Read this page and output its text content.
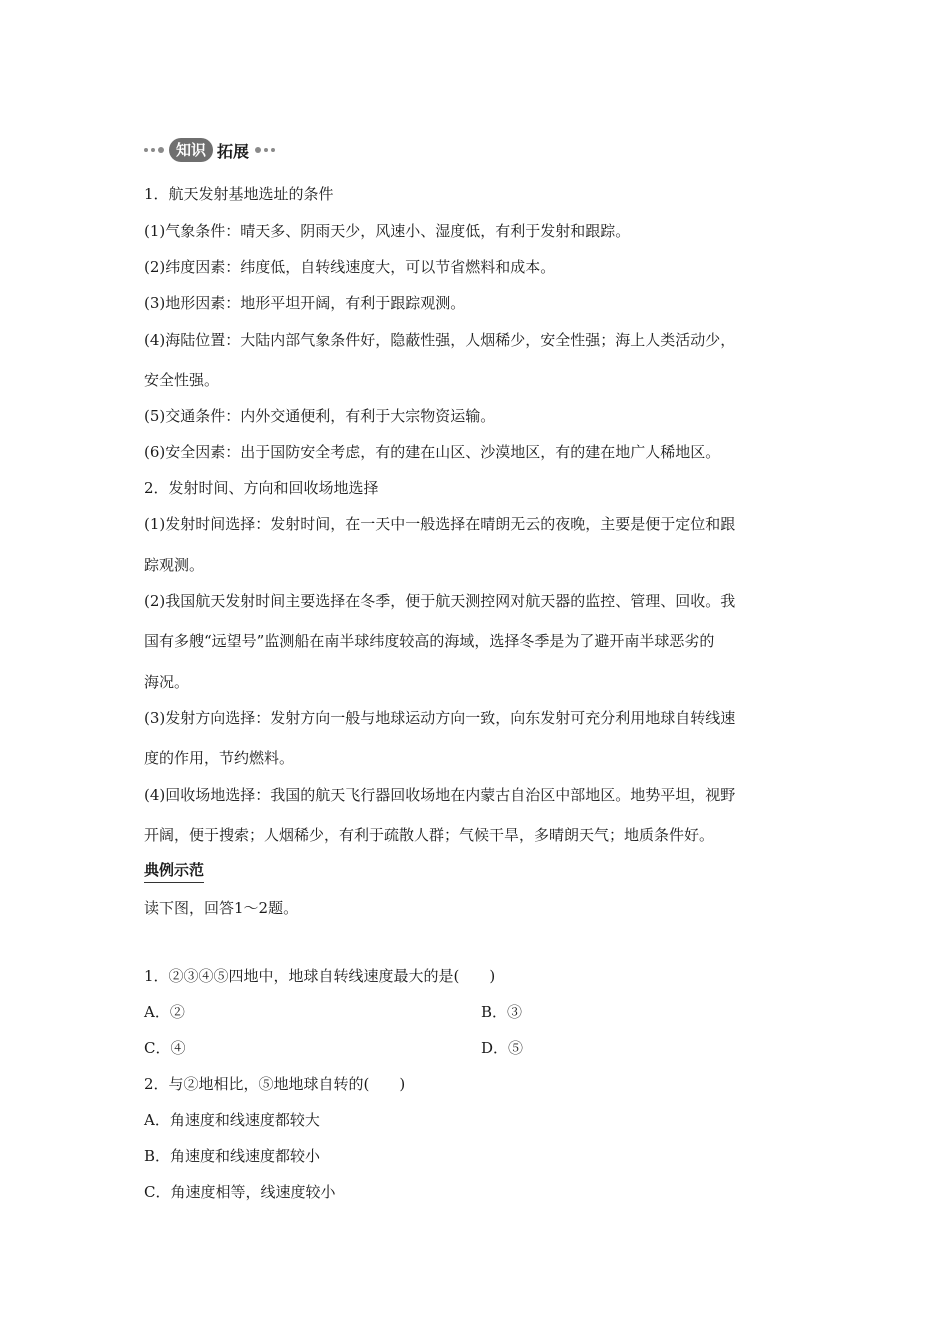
知识 拓展
1．航天发射基地选址的条件
(1)气象条件：晴天多、阴雨天少，风速小、湿度低，有利于发射和跟踪。
(2)纬度因素：纬度低，自转线速度大，可以节省燃料和成本。
(3)地形因素：地形平坦开阔，有利于跟踪观测。
(4)海陆位置：大陆内部气象条件好，隐蔽性强，人烟稀少，安全性强；海上人类活动少，
安全性强。
(5)交通条件：内外交通便利，有利于大宗物资运输。
(6)安全因素：出于国防安全考虑，有的建在山区、沙漠地区，有的建在地广人稀地区。
2．发射时间、方向和回收场地选择
(1)发射时间选择：发射时间，在一天中一般选择在晴朗无云的夜晚，主要是便于定位和跟
踪观测。
(2)我国航天发射时间主要选择在冬季，便于航天测控网对航天器的监控、管理、回收。我
国有多艘“远望号”监测船在南半球纬度较高的海域，选择冬季是为了避开南半球恶劣的
海况。
(3)发射方向选择：发射方向一般与地球运动方向一致，向东发射可充分利用地球自转线速
度的作用，节约燃料。
(4)回收场地选择：我国的航天飞行器回收场地在内蒙古自治区中部地区。地势平坦，视野
开阔，便于搜索；人烟稀少，有利于疏散人群；气候干旱，多晴朗天气；地质条件好。
典例示范
读下图，回答1～2题。
1．②③④⑤四地中，地球自转线速度最大的是(　　)
A．②	B．③
C．④	D．⑤
2．与②地相比，⑤地地球自转的(　　)
A．角速度和线速度都较大
B．角速度和线速度都较小
C．角速度相等，线速度较小
